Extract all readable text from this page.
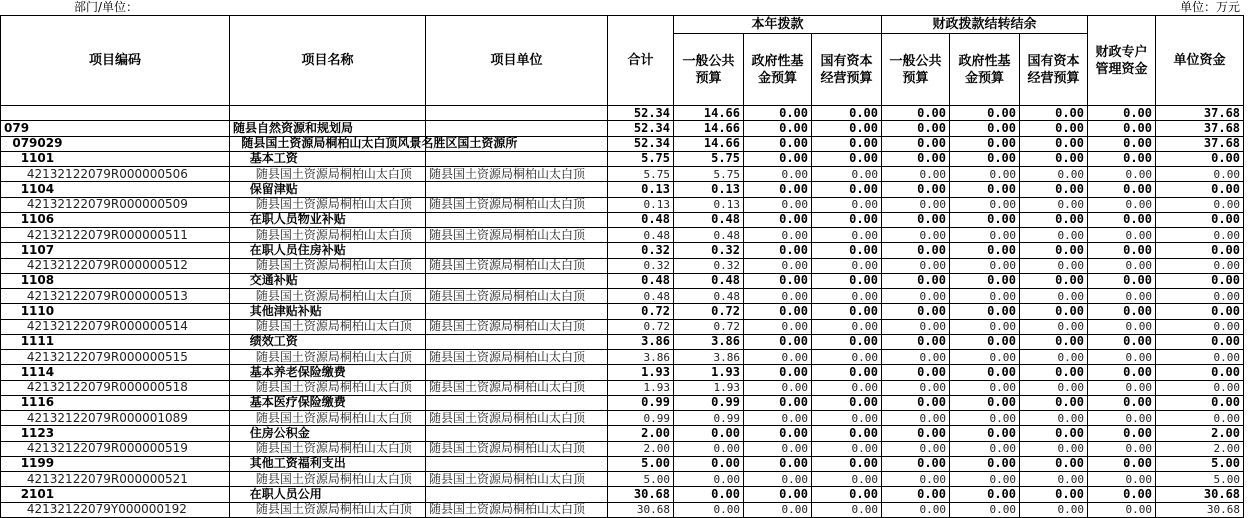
部门/单位：	单位：万元
项目编码	项目名称	项目单位	合计	本年拨款			财政拨款结转结余			财政专户管理资金	单位资金
				一般公共预算	政府性基金预算	国有资本经营预算	一般公共预算	政府性基金预算	国有资本经营预算		
			52.34	14.66	0.00	0.00	0.00	0.00	0.00	0.00	37.68
079	随县自然资源和规划局		52.34	14.66	0.00	0.00	0.00	0.00	0.00	0.00	37.68
079029	随县国土资源局桐柏山太白顶风景名胜区国土资源所		52.34	14.66	0.00	0.00	0.00	0.00	0.00	0.00	37.68
1101	基本工资		5.75	5.75	0.00	0.00	0.00	0.00	0.00	0.00	0.00
42132122079R000000506	随县国土资源局桐柏山太白顶	随县国土资源局桐柏山太白顶	5.75	5.75	0.00	0.00	0.00	0.00	0.00	0.00	0.00
1104	保留津贴		0.13	0.13	0.00	0.00	0.00	0.00	0.00	0.00	0.00
42132122079R000000509	随县国土资源局桐柏山太白顶	随县国土资源局桐柏山太白顶	0.13	0.13	0.00	0.00	0.00	0.00	0.00	0.00	0.00
1106	在职人员物业补贴		0.48	0.48	0.00	0.00	0.00	0.00	0.00	0.00	0.00
42132122079R000000511	随县国土资源局桐柏山太白顶	随县国土资源局桐柏山太白顶	0.48	0.48	0.00	0.00	0.00	0.00	0.00	0.00	0.00
1107	在职人员住房补贴		0.32	0.32	0.00	0.00	0.00	0.00	0.00	0.00	0.00
42132122079R000000512	随县国土资源局桐柏山太白顶	随县国土资源局桐柏山太白顶	0.32	0.32	0.00	0.00	0.00	0.00	0.00	0.00	0.00
1108	交通补贴		0.48	0.48	0.00	0.00	0.00	0.00	0.00	0.00	0.00
42132122079R000000513	随县国土资源局桐柏山太白顶	随县国土资源局桐柏山太白顶	0.48	0.48	0.00	0.00	0.00	0.00	0.00	0.00	0.00
1110	其他津贴补贴		0.72	0.72	0.00	0.00	0.00	0.00	0.00	0.00	0.00
42132122079R000000514	随县国土资源局桐柏山太白顶	随县国土资源局桐柏山太白顶	0.72	0.72	0.00	0.00	0.00	0.00	0.00	0.00	0.00
1111	绩效工资		3.86	3.86	0.00	0.00	0.00	0.00	0.00	0.00	0.00
42132122079R000000515	随县国土资源局桐柏山太白顶	随县国土资源局桐柏山太白顶	3.86	3.86	0.00	0.00	0.00	0.00	0.00	0.00	0.00
1114	基本养老保险缴费		1.93	1.93	0.00	0.00	0.00	0.00	0.00	0.00	0.00
42132122079R000000518	随县国土资源局桐柏山太白顶	随县国土资源局桐柏山太白顶	1.93	1.93	0.00	0.00	0.00	0.00	0.00	0.00	0.00
1116	基本医疗保险缴费		0.99	0.99	0.00	0.00	0.00	0.00	0.00	0.00	0.00
42132122079R000001089	随县国土资源局桐柏山太白顶	随县国土资源局桐柏山太白顶	0.99	0.99	0.00	0.00	0.00	0.00	0.00	0.00	0.00
1123	住房公积金		2.00	0.00	0.00	0.00	0.00	0.00	0.00	0.00	2.00
42132122079R000000519	随县国土资源局桐柏山太白顶	随县国土资源局桐柏山太白顶	2.00	0.00	0.00	0.00	0.00	0.00	0.00	0.00	2.00
1199	其他工资福利支出		5.00	0.00	0.00	0.00	0.00	0.00	0.00	0.00	5.00
42132122079R000000521	随县国土资源局桐柏山太白顶	随县国土资源局桐柏山太白顶	5.00	0.00	0.00	0.00	0.00	0.00	0.00	0.00	5.00
2101	在职人员公用		30.68	0.00	0.00	0.00	0.00	0.00	0.00	0.00	30.68
42132122079Y000000192	随县国土资源局桐柏山太白顶	随县国土资源局桐柏山太白顶	30.68	0.00	0.00	0.00	0.00	0.00	0.00	0.00	30.68
